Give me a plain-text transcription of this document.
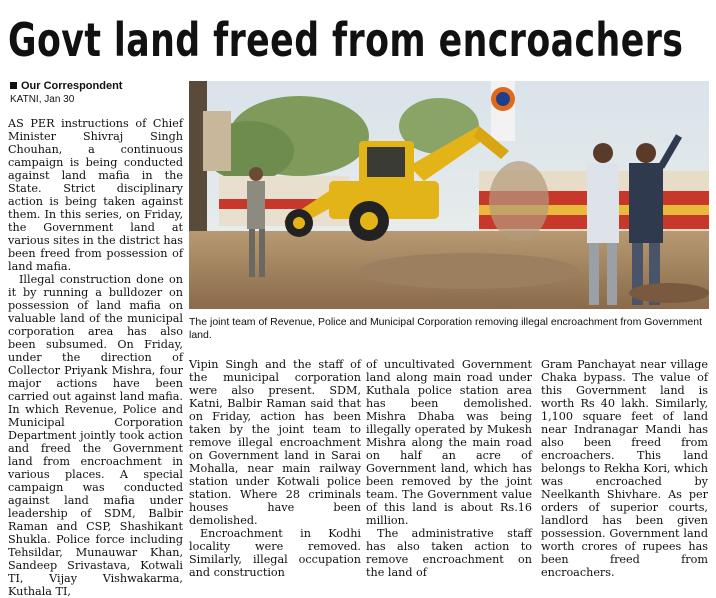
Govt land freed from encroachers
Our Correspondent
KATNI, Jan 30

AS PER instructions of Chief Minister Shivraj Singh Chouhan, a continuous campaign is being conducted against land mafia in the State. Strict disciplinary action is being taken against them. In this series, on Friday, the Government land at various sites in the district has been freed from possession of land mafia.

Illegal construction done on it by running a bulldozer on possession of land mafia on valuable land of the municipal corporation area has also been subsumed. On Friday, under the direction of Collector Priyank Mishra, four major actions have been carried out against land mafia. In which Revenue, Police and Municipal Corporation Department jointly took action and freed the Government land from encroachment in various places. A special campaign was conducted against land mafia under leadership of SDM, Balbir Raman and CSP, Shashikant Shukla. Police force including Tehsildar, Munauwar Khan, Sandeep Srivastava, Kotwali TI, Vijay Vishwakarma, Kuthala TI,

The joint team of Revenue, Police and Municipal Corporation removing illegal encroachment from Government land.

Vipin Singh and the staff of the municipal corporation were also present. SDM, Katni, Balbir Raman said that on Friday, action has been taken by the joint team to remove illegal encroachment on Government land in Sarai Mohalla, near main railway station under Kotwali police station. Where 28 criminals houses have been demolished.

Encroachment in Kodhi locality were removed. Similarly, illegal occupation and construction

of uncultivated Government land along main road under Kuthala police station area has been demolished. Mishra Dhaba was being illegally operated by Mukesh Mishra along the main road on half an acre of Government land, which has been removed by the joint team. The Government value of this land is about Rs.16 million.

The administrative staff has also taken action to remove encroachment on the land of

Gram Panchayat near village Chaka bypass. The value of this Government land is worth Rs 40 lakh. Similarly, 1,100 square feet of land near Indranagar Mandi has also been freed from encroachers. This land belongs to Rekha Kori, which was encroached by Neelkanth Shivhare. As per orders of superior courts, landlord has been given possession. Government land worth crores of rupees has been freed from encroachers.
